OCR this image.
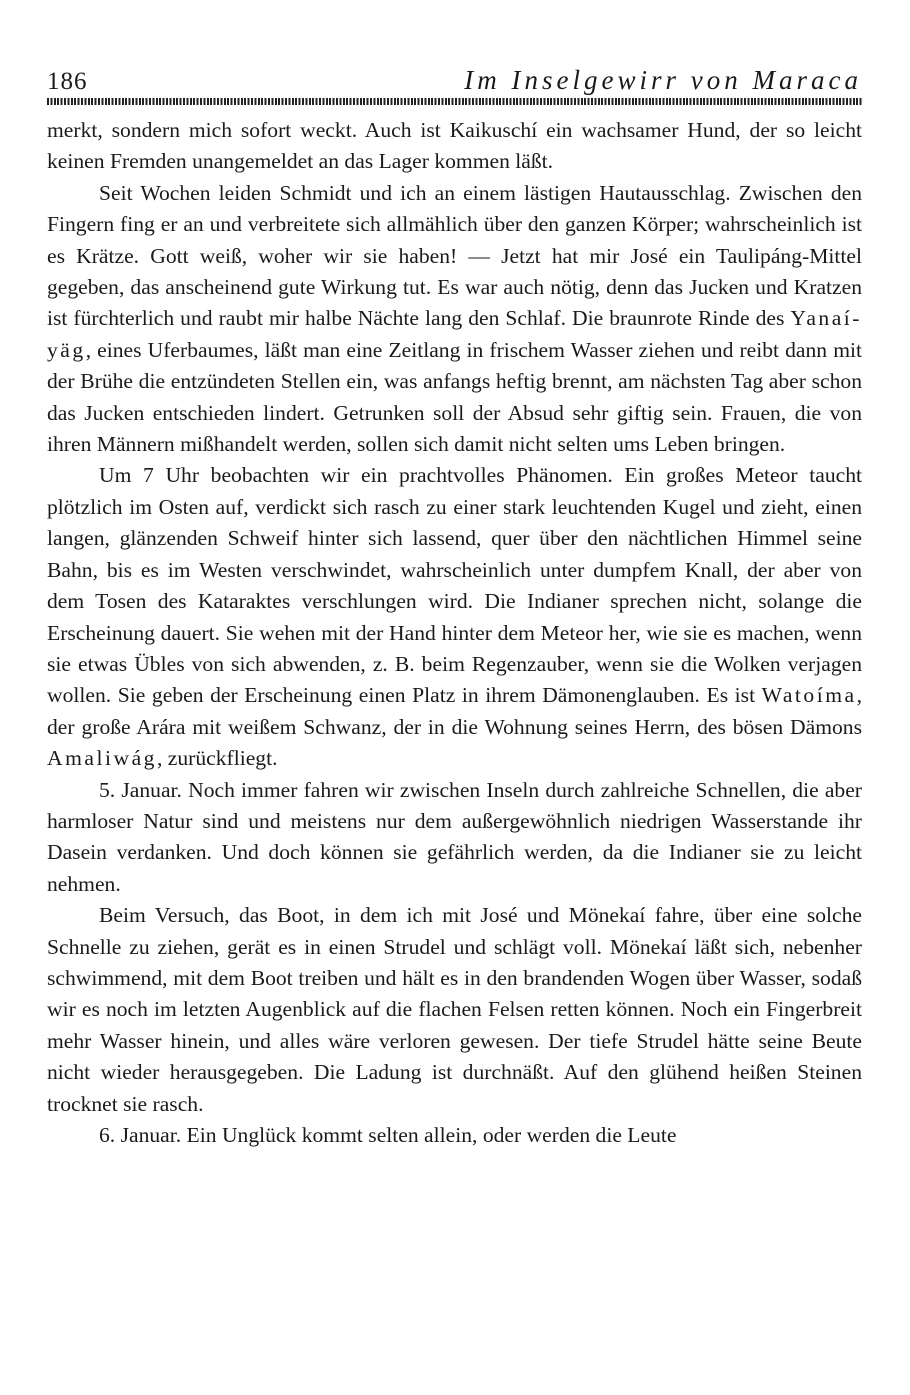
186	Im Inselgewirr von Maraca

merkt, sondern mich sofort weckt. Auch ist Kaikuschí ein wachsamer Hund, der so leicht keinen Fremden unangemeldet an das Lager kommen läßt.

Seit Wochen leiden Schmidt und ich an einem lästigen Hautausschlag. Zwischen den Fingern fing er an und verbreitete sich allmählich über den ganzen Körper; wahrscheinlich ist es Krätze. Gott weiß, woher wir sie haben! — Jetzt hat mir José ein Taulipáng-Mittel gegeben, das anscheinend gute Wirkung tut. Es war auch nötig, denn das Jucken und Kratzen ist fürchterlich und raubt mir halbe Nächte lang den Schlaf. Die braunrote Rinde des Yanaí-yäg, eines Uferbaumes, läßt man eine Zeitlang in frischem Wasser ziehen und reibt dann mit der Brühe die entzündeten Stellen ein, was anfangs heftig brennt, am nächsten Tag aber schon das Jucken entschieden lindert. Getrunken soll der Absud sehr giftig sein. Frauen, die von ihren Männern mißhandelt werden, sollen sich damit nicht selten ums Leben bringen.

Um 7 Uhr beobachten wir ein prachtvolles Phänomen. Ein großes Meteor taucht plötzlich im Osten auf, verdickt sich rasch zu einer stark leuchtenden Kugel und zieht, einen langen, glänzenden Schweif hinter sich lassend, quer über den nächtlichen Himmel seine Bahn, bis es im Westen verschwindet, wahrscheinlich unter dumpfem Knall, der aber von dem Tosen des Kataraktes verschlungen wird. Die Indianer sprechen nicht, solange die Erscheinung dauert. Sie wehen mit der Hand hinter dem Meteor her, wie sie es machen, wenn sie etwas Übles von sich abwenden, z. B. beim Regenzauber, wenn sie die Wolken verjagen wollen. Sie geben der Erscheinung einen Platz in ihrem Dämonenglauben. Es ist Watoíma, der große Arára mit weißem Schwanz, der in die Wohnung seines Herrn, des bösen Dämons Amaliwág, zurückfliegt.

5. Januar. Noch immer fahren wir zwischen Inseln durch zahlreiche Schnellen, die aber harmloser Natur sind und meistens nur dem außergewöhnlich niedrigen Wasserstande ihr Dasein verdanken. Und doch können sie gefährlich werden, da die Indianer sie zu leicht nehmen.

Beim Versuch, das Boot, in dem ich mit José und Mönekaí fahre, über eine solche Schnelle zu ziehen, gerät es in einen Strudel und schlägt voll. Mönekaí läßt sich, nebenher schwimmend, mit dem Boot treiben und hält es in den brandenden Wogen über Wasser, sodaß wir es noch im letzten Augenblick auf die flachen Felsen retten können. Noch ein Fingerbreit mehr Wasser hinein, und alles wäre verloren gewesen. Der tiefe Strudel hätte seine Beute nicht wieder herausgegeben. Die Ladung ist durchnäßt. Auf den glühend heißen Steinen trocknet sie rasch.

6. Januar. Ein Unglück kommt selten allein, oder werden die Leute
